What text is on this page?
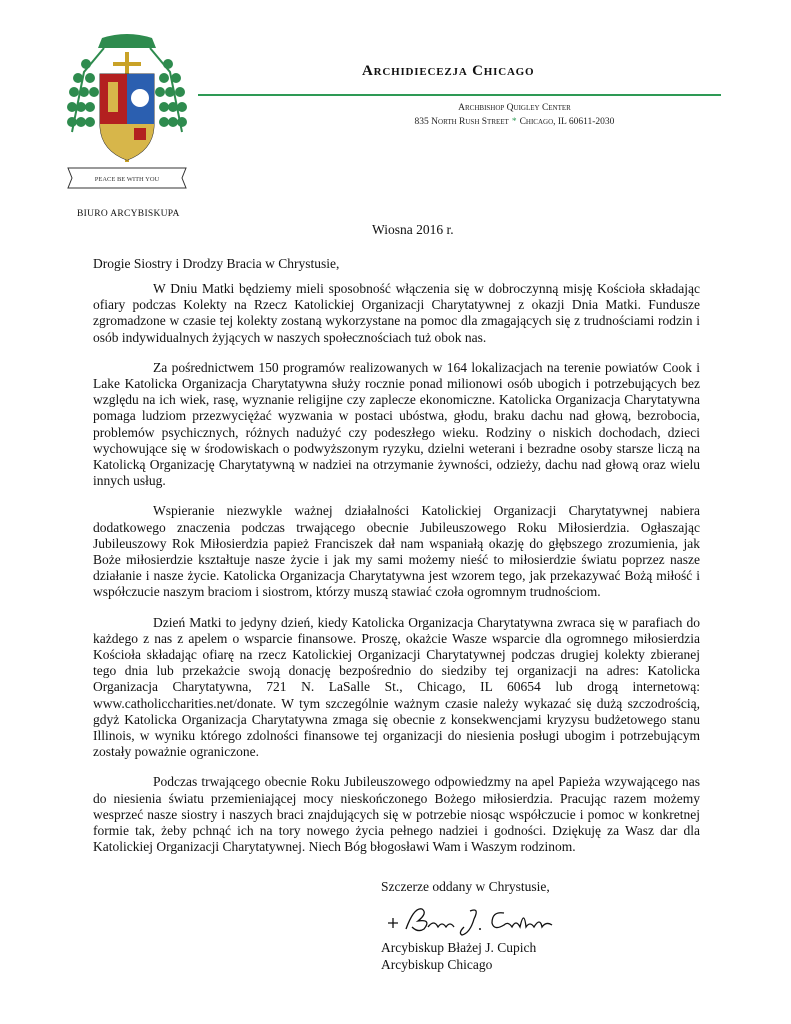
PEACE BE WITH YOU
BIURO ARCYBISKUPA
Archidiecezja Chicago
Archbishop Quigley Center
835 North Rush Street * Chicago, IL 60611-2030
Wiosna 2016 r.
Drogie Siostry i Drodzy Bracia w Chrystusie,

W Dniu Matki będziemy mieli sposobność włączenia się w dobroczynną misję Kościoła składając ofiary podczas Kolekty na Rzecz Katolickiej Organizacji Charytatywnej z okazji Dnia Matki. Fundusze zgromadzone w czasie tej kolekty zostaną wykorzystane na pomoc dla zmagających się z trudnościami rodzin i osób indywidualnych żyjących w naszych społecznościach tuż obok nas.

Za pośrednictwem 150 programów realizowanych w 164 lokalizacjach na terenie powiatów Cook i Lake Katolicka Organizacja Charytatywna służy rocznie ponad milionowi osób ubogich i potrzebujących bez względu na ich wiek, rasę, wyznanie religijne czy zaplecze ekonomiczne. Katolicka Organizacja Charytatywna pomaga ludziom przezwyciężać wyzwania w postaci ubóstwa, głodu, braku dachu nad głową, bezrobocia, problemów psychicznych, różnych nadużyć czy podeszłego wieku. Rodziny o niskich dochodach, dzieci wychowujące się w środowiskach o podwyższonym ryzyku, dzielni weterani i bezradne osoby starsze liczą na Katolicką Organizację Charytatywną w nadziei na otrzymanie żywności, odzieży, dachu nad głową oraz wielu innych usług.

Wspieranie niezwykle ważnej działalności Katolickiej Organizacji Charytatywnej nabiera dodatkowego znaczenia podczas trwającego obecnie Jubileuszowego Roku Miłosierdzia. Ogłaszając Jubileuszowy Rok Miłosierdzia papież Franciszek dał nam wspaniałą okazję do głębszego zrozumienia, jak Boże miłosierdzie kształtuje nasze życie i jak my sami możemy nieść to miłosierdzie światu poprzez nasze działanie i nasze życie. Katolicka Organizacja Charytatywna jest wzorem tego, jak przekazywać Bożą miłość i współczucie naszym braciom i siostrom, którzy muszą stawiać czoła ogromnym trudnościom.

Dzień Matki to jedyny dzień, kiedy Katolicka Organizacja Charytatywna zwraca się w parafiach do każdego z nas z apelem o wsparcie finansowe. Proszę, okażcie Wasze wsparcie dla ogromnego miłosierdzia Kościoła składając ofiarę na rzecz Katolickiej Organizacji Charytatywnej podczas drugiej kolekty zbieranej tego dnia lub przekażcie swoją donację bezpośrednio do siedziby tej organizacji na adres: Katolicka Organizacja Charytatywna, 721 N. LaSalle St., Chicago, IL 60654 lub drogą internetową: www.catholiccharities.net/donate. W tym szczególnie ważnym czasie należy wykazać się dużą szczodrością, gdyż Katolicka Organizacja Charytatywna zmaga się obecnie z konsekwencjami kryzysu budżetowego stanu Illinois, w wyniku którego zdolności finansowe tej organizacji do niesienia posługi ubogim i potrzebującym zostały poważnie ograniczone.

Podczas trwającego obecnie Roku Jubileuszowego odpowiedzmy na apel Papieża wzywającego nas do niesienia światu przemieniającej mocy nieskończonego Bożego miłosierdzia. Pracując razem możemy wesprzeć nasze siostry i naszych braci znajdujących się w potrzebie niosąc współczucie i pomoc w konkretnej formie tak, żeby pchnąć ich na tory nowego życia pełnego nadziei i godności. Dziękuję za Wasz dar dla Katolickiej Organizacji Charytatywnej. Niech Bóg błogosławi Wam i Waszym rodzinom.

Szczerze oddany w Chrystusie,
Arcybiskup Błażej J. Cupich
Arcybiskup Chicago
